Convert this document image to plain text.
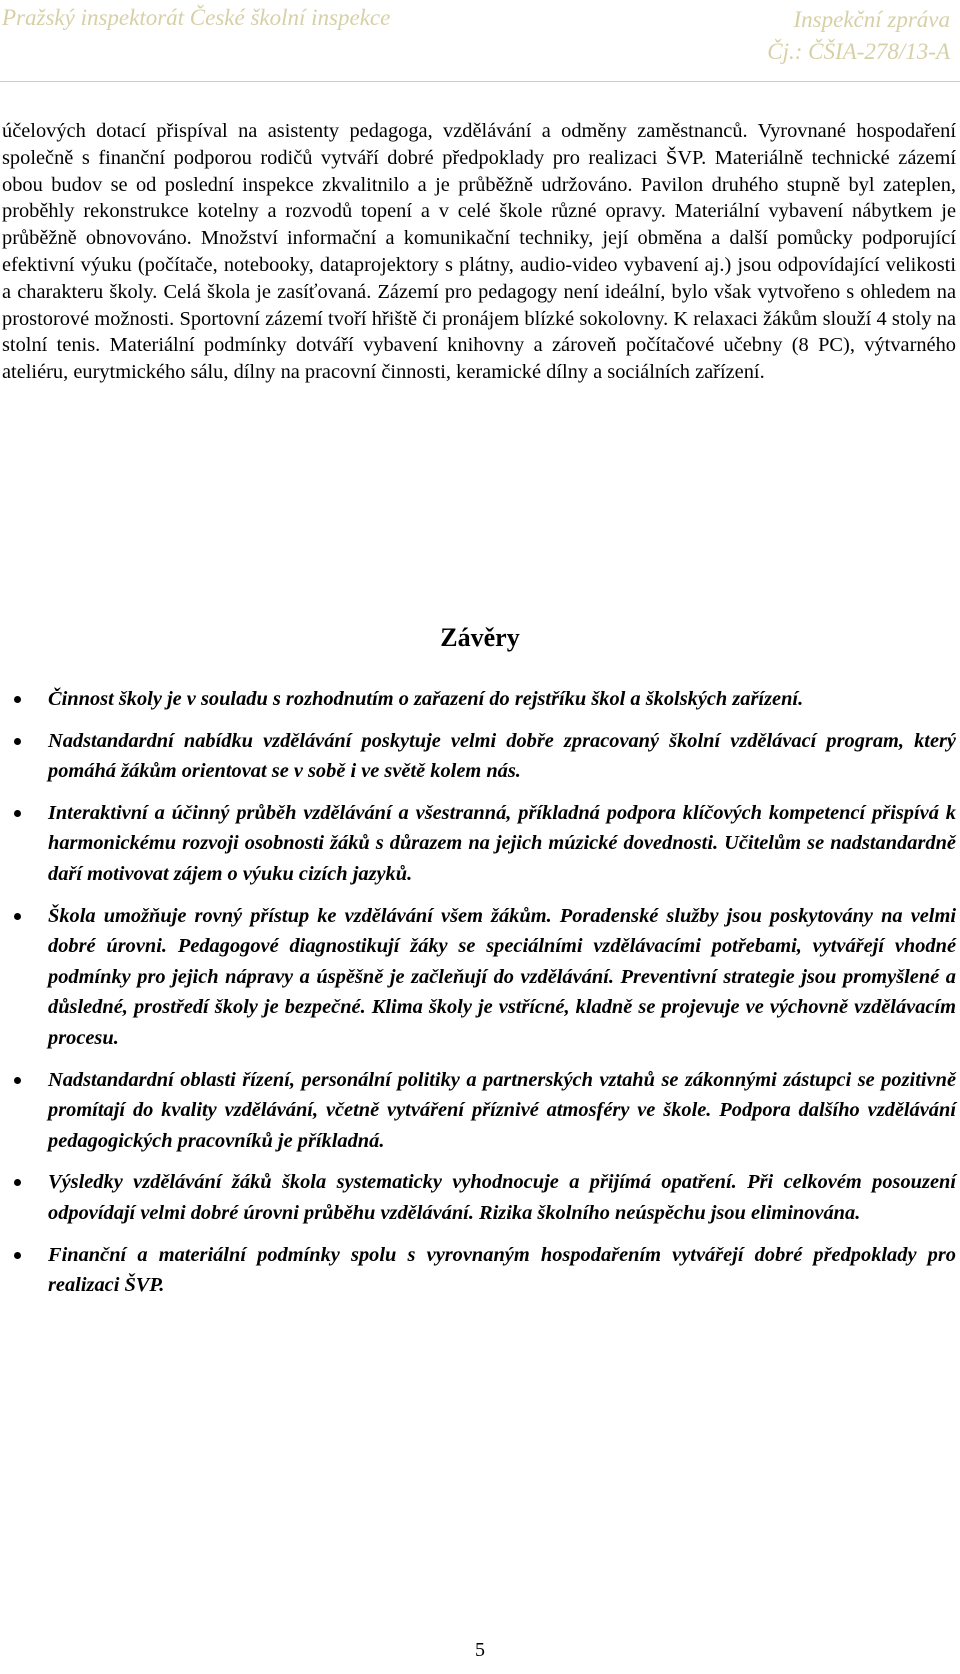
Pražský inspektorát České školní inspekce	Inspekční zpráva
Čj.: ČŠIA-278/13-A
účelových dotací přispíval na asistenty pedagoga, vzdělávání a odměny zaměstnanců. Vyrovnané hospodaření společně s finanční podporou rodičů vytváří dobré předpoklady pro realizaci ŠVP. Materiálně technické zázemí obou budov se od poslední inspekce zkvalitnilo a je průběžně udržováno. Pavilon druhého stupně byl zateplen, proběhly rekonstrukce kotelny a rozvodů topení a v celé škole různé opravy. Materiální vybavení nábytkem je průběžně obnovováno. Množství informační a komunikační techniky, její obměna a další pomůcky podporující efektivní výuku (počítače, notebooky, dataprojektory s plátny, audio-video vybavení aj.) jsou odpovídající velikosti a charakteru školy. Celá škola je zasíťovaná. Zázemí pro pedagogy není ideální, bylo však vytvořeno s ohledem na prostorové možnosti. Sportovní zázemí tvoří hřiště či pronájem blízké sokolovny. K relaxaci žákům slouží 4 stoly na stolní tenis. Materiální podmínky dotváří vybavení knihovny a zároveň počítačové učebny (8 PC), výtvarného ateliéru, eurytmického sálu, dílny na pracovní činnosti, keramické dílny a sociálních zařízení.
Závěry
Činnost školy je v souladu s rozhodnutím o zařazení do rejstříku škol a školských zařízení.
Nadstandardní nabídku vzdělávání poskytuje velmi dobře zpracovaný školní vzdělávací program, který pomáhá žákům orientovat se v sobě i ve světě kolem nás.
Interaktivní a účinný průběh vzdělávání a všestranná, příkladná podpora klíčových kompetencí přispívá k harmonickému rozvoji osobnosti žáků s důrazem na jejich múzické dovednosti. Učitelům se nadstandardně daří motivovat zájem o výuku cizích jazyků.
Škola umožňuje rovný přístup ke vzdělávání všem žákům. Poradenské služby jsou poskytovány na velmi dobré úrovni. Pedagogové diagnostikují žáky se speciálními vzdělávacími potřebami, vytvářejí vhodné podmínky pro jejich nápravy a úspěšně je začleňují do vzdělávání. Preventivní strategie jsou promyšlené a důsledné, prostředí školy je bezpečné. Klima školy je vstřícné, kladně se projevuje ve výchovně vzdělávacím procesu.
Nadstandardní oblasti řízení, personální politiky a partnerských vztahů se zákonnými zástupci se pozitivně promítají do kvality vzdělávání, včetně vytváření příznivé atmosféry ve škole. Podpora dalšího vzdělávání pedagogických pracovníků je příkladná.
Výsledky vzdělávání žáků škola systematicky vyhodnocuje a přijímá opatření. Při celkovém posouzení odpovídají velmi dobré úrovni průběhu vzdělávání. Rizika školního neúspěchu jsou eliminována.
Finanční a materiální podmínky spolu s vyrovnaným hospodařením vytvářejí dobré předpoklady pro realizaci ŠVP.
5
